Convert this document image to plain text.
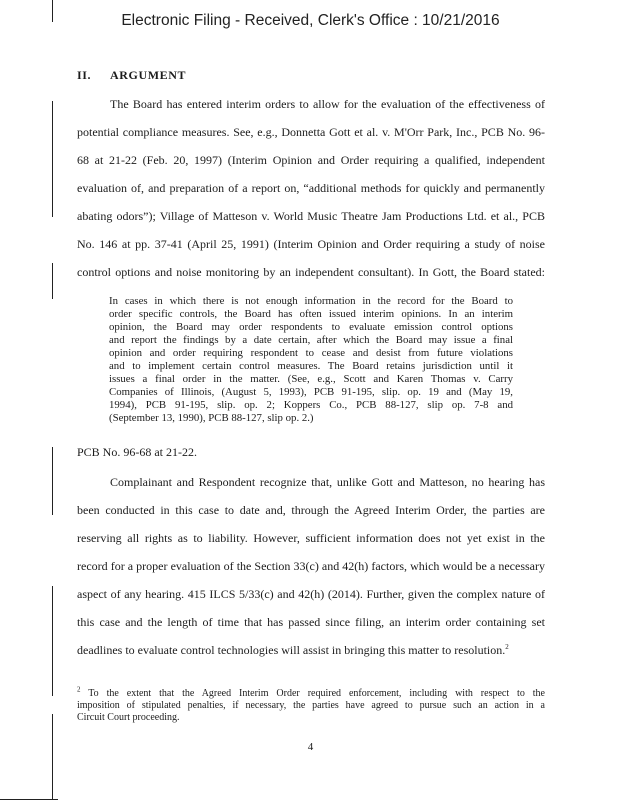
Electronic Filing - Received, Clerk's Office : 10/21/2016
II. ARGUMENT
The Board has entered interim orders to allow for the evaluation of the effectiveness of
potential compliance measures. See, e.g., Donnetta Gott et al. v. M'Orr Park, Inc., PCB No. 96-
68 at 21-22 (Feb. 20, 1997) (Interim Opinion and Order requiring a qualified, independent
evaluation of, and preparation of a report on, “additional methods for quickly and permanently
abating odors”); Village of Matteson v. World Music Theatre Jam Productions Ltd. et al., PCB
No. 146 at pp. 37-41 (April 25, 1991) (Interim Opinion and Order requiring a study of noise
control options and noise monitoring by an independent consultant). In Gott, the Board stated:
In cases in which there is not enough information in the record for the Board to
order specific controls, the Board has often issued interim opinions. In an interim
opinion, the Board may order respondents to evaluate emission control options
and report the findings by a date certain, after which the Board may issue a final
opinion and order requiring respondent to cease and desist from future violations
and to implement certain control measures. The Board retains jurisdiction until it
issues a final order in the matter. (See, e.g., Scott and Karen Thomas v. Carry
Companies of Illinois, (August 5, 1993), PCB 91-195, slip. op. 19 and (May 19,
1994), PCB 91-195, slip. op. 2; Koppers Co., PCB 88-127, slip op. 7-8 and
(September 13, 1990), PCB 88-127, slip op. 2.)
PCB No. 96-68 at 21-22.
Complainant and Respondent recognize that, unlike Gott and Matteson, no hearing has
been conducted in this case to date and, through the Agreed Interim Order, the parties are
reserving all rights as to liability. However, sufficient information does not yet exist in the
record for a proper evaluation of the Section 33(c) and 42(h) factors, which would be a necessary
aspect of any hearing. 415 ILCS 5/33(c) and 42(h) (2014). Further, given the complex nature of
this case and the length of time that has passed since filing, an interim order containing set
deadlines to evaluate control technologies will assist in bringing this matter to resolution.$^2$
$^2$ To the extent that the Agreed Interim Order required enforcement, including with respect to the
imposition of stipulated penalties, if necessary, the parties have agreed to pursue such an action in a
Circuit Court proceeding.
4
